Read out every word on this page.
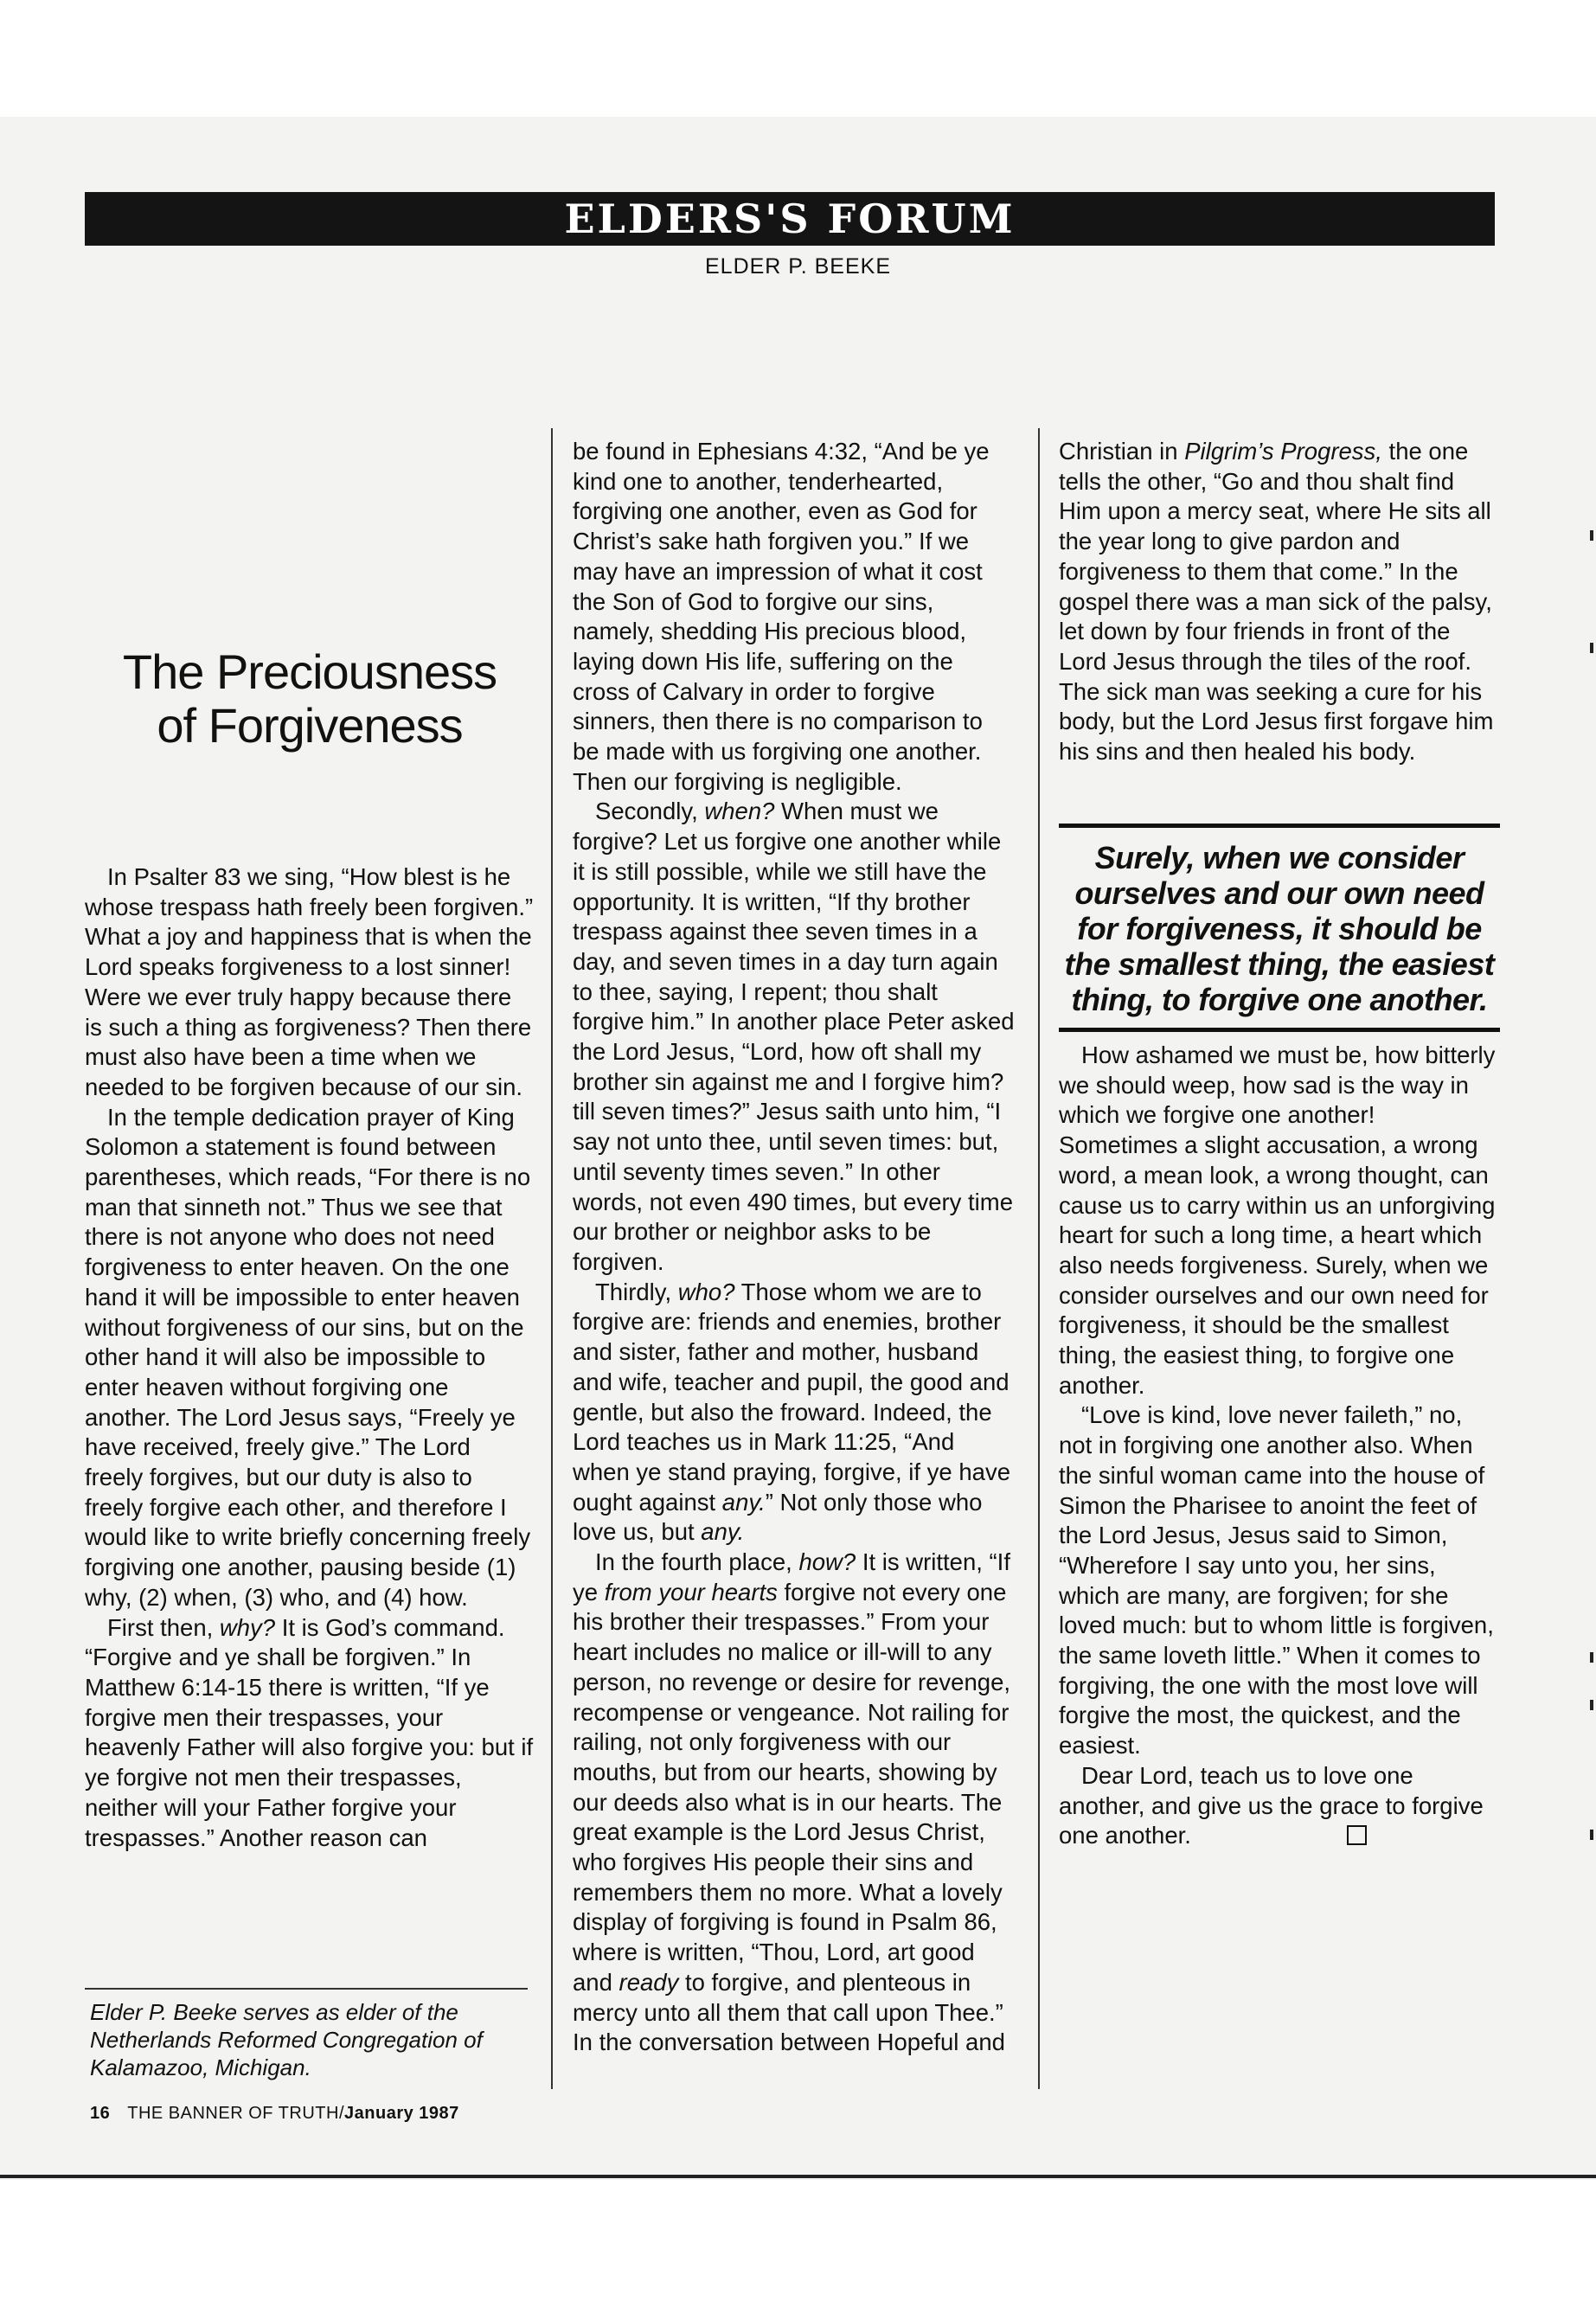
ELDERS'S FORUM
ELDER P. BEEKE
The Preciousness
of Forgiveness

In Psalter 83 we sing, “How blest is he whose trespass hath freely been forgiven.” What a joy and happiness that is when the Lord speaks forgiveness to a lost sinner! Were we ever truly happy because there is such a thing as forgiveness? Then there must also have been a time when we needed to be forgiven because of our sin.

In the temple dedication prayer of King Solomon a statement is found between parentheses, which reads, “For there is no man that sinneth not.” Thus we see that there is not anyone who does not need forgiveness to enter heaven. On the one hand it will be impossible to enter heaven without forgiveness of our sins, but on the other hand it will also be impossible to enter heaven without forgiving one another. The Lord Jesus says, “Freely ye have received, freely give.” The Lord freely forgives, but our duty is also to freely forgive each other, and therefore I would like to write briefly concerning freely forgiving one another, pausing beside (1) why, (2) when, (3) who, and (4) how.

First then, why? It is God’s command. “Forgive and ye shall be forgiven.” In Matthew 6:14-15 there is written, “If ye forgive men their trespasses, your heavenly Father will also forgive you: but if ye forgive not men their trespasses, neither will your Father forgive your trespasses.” Another reason can

be found in Ephesians 4:32, “And be ye kind one to another, tenderhearted, forgiving one another, even as God for Christ’s sake hath forgiven you.” If we may have an impression of what it cost the Son of God to forgive our sins, namely, shedding His precious blood, laying down His life, suffering on the cross of Calvary in order to forgive sinners, then there is no comparison to be made with us forgiving one another. Then our forgiving is negligible.

Secondly, when? When must we forgive? Let us forgive one another while it is still possible, while we still have the opportunity. It is written, “If thy brother trespass against thee seven times in a day, and seven times in a day turn again to thee, saying, I repent; thou shalt forgive him.” In another place Peter asked the Lord Jesus, “Lord, how oft shall my brother sin against me and I forgive him? till seven times?” Jesus saith unto him, “I say not unto thee, until seven times: but, until seventy times seven.” In other words, not even 490 times, but every time our brother or neighbor asks to be forgiven.

Thirdly, who? Those whom we are to forgive are: friends and enemies, brother and sister, father and mother, husband and wife, teacher and pupil, the good and gentle, but also the froward. Indeed, the Lord teaches us in Mark 11:25, “And when ye stand praying, forgive, if ye have ought against any.” Not only those who love us, but any.

In the fourth place, how? It is written, “If ye from your hearts forgive not every one his brother their trespasses.” From your heart includes no malice or ill-will to any person, no revenge or desire for revenge, recompense or vengeance. Not railing for railing, not only forgiveness with our mouths, but from our hearts, showing by our deeds also what is in our hearts. The great example is the Lord Jesus Christ, who forgives His people their sins and remembers them no more. What a lovely display of forgiving is found in Psalm 86, where is written, “Thou, Lord, art good and ready to forgive, and plenteous in mercy unto all them that call upon Thee.” In the conversation between Hopeful and

Christian in Pilgrim’s Progress, the one tells the other, “Go and thou shalt find Him upon a mercy seat, where He sits all the year long to give pardon and forgiveness to them that come.” In the gospel there was a man sick of the palsy, let down by four friends in front of the Lord Jesus through the tiles of the roof. The sick man was seeking a cure for his body, but the Lord Jesus first forgave him his sins and then healed his body.

Surely, when we consider ourselves and our own need for forgiveness, it should be the smallest thing, the easiest thing, to forgive one another.

How ashamed we must be, how bitterly we should weep, how sad is the way in which we forgive one another! Sometimes a slight accusation, a wrong word, a mean look, a wrong thought, can cause us to carry within us an unforgiving heart for such a long time, a heart which also needs forgiveness. Surely, when we consider ourselves and our own need for forgiveness, it should be the smallest thing, the easiest thing, to forgive one another.

“Love is kind, love never faileth,” no, not in forgiving one another also. When the sinful woman came into the house of Simon the Pharisee to anoint the feet of the Lord Jesus, Jesus said to Simon, “Wherefore I say unto you, her sins, which are many, are forgiven; for she loved much: but to whom little is forgiven, the same loveth little.” When it comes to forgiving, the one with the most love will forgive the most, the quickest, and the easiest.

Dear Lord, teach us to love one another, and give us the grace to forgive one another.

Elder P. Beeke serves as elder of the Netherlands Reformed Congregation of Kalamazoo, Michigan.
16 THE BANNER OF TRUTH/January 1987
